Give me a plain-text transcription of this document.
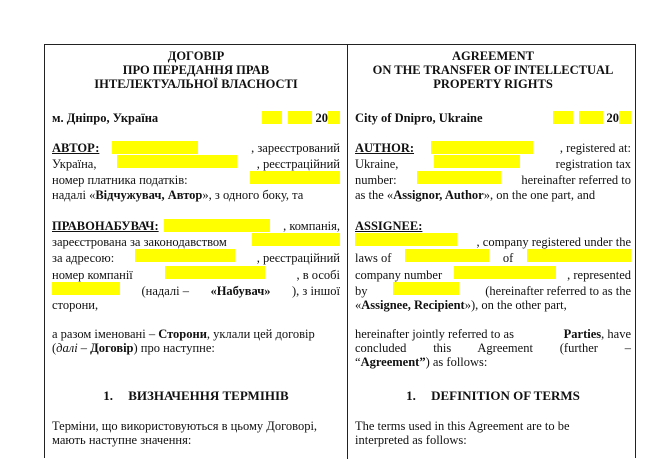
ДОГОВІР
ПРО ПЕРЕДАННЯ ПРАВ
ІНТЕЛЕКТУАЛЬНОЇ ВЛАСНОСТІ
м. Дніпро, Україна	20
АВТОР:	, зареєстрований
Україна,	, реєстраційний
номер платника податків:
надалі «Відчужувач, Автор», з одного боку, та
ПРАВОНАБУВАЧ:	, компанія,
зареєстрована за законодавством
за адресою:	, реєстраційний
номер компанії	, в особі
(надалі – «Набувач» ), з іншої
сторони,
а разом іменовані – Сторони, уклали цей договір
(далі – Договір) про наступне:
1. ВИЗНАЧЕННЯ ТЕРМІНІВ
Терміни, що використовуються в цьому Договорі,
мають наступне значення:
AGREEMENT
ON THE TRANSFER OF INTELLECTUAL
PROPERTY RIGHTS
City of Dnipro, Ukraine	20
AUTHOR:	, registered at:
Ukraine,	registration tax
number:	hereinafter referred to
as the «Assignor, Author», on the one part, and
ASSIGNEE:
, company registered under the
laws of	of
company number	, represented
by	(hereinafter referred to as the
«Assignee, Recipient»), on the other part,
hereinafter jointly referred to as	Parties, have
concluded this Agreement (further –
“Agreement”) as follows:
1. DEFINITION OF TERMS
The terms used in this Agreement are to be
interpreted as follows:
